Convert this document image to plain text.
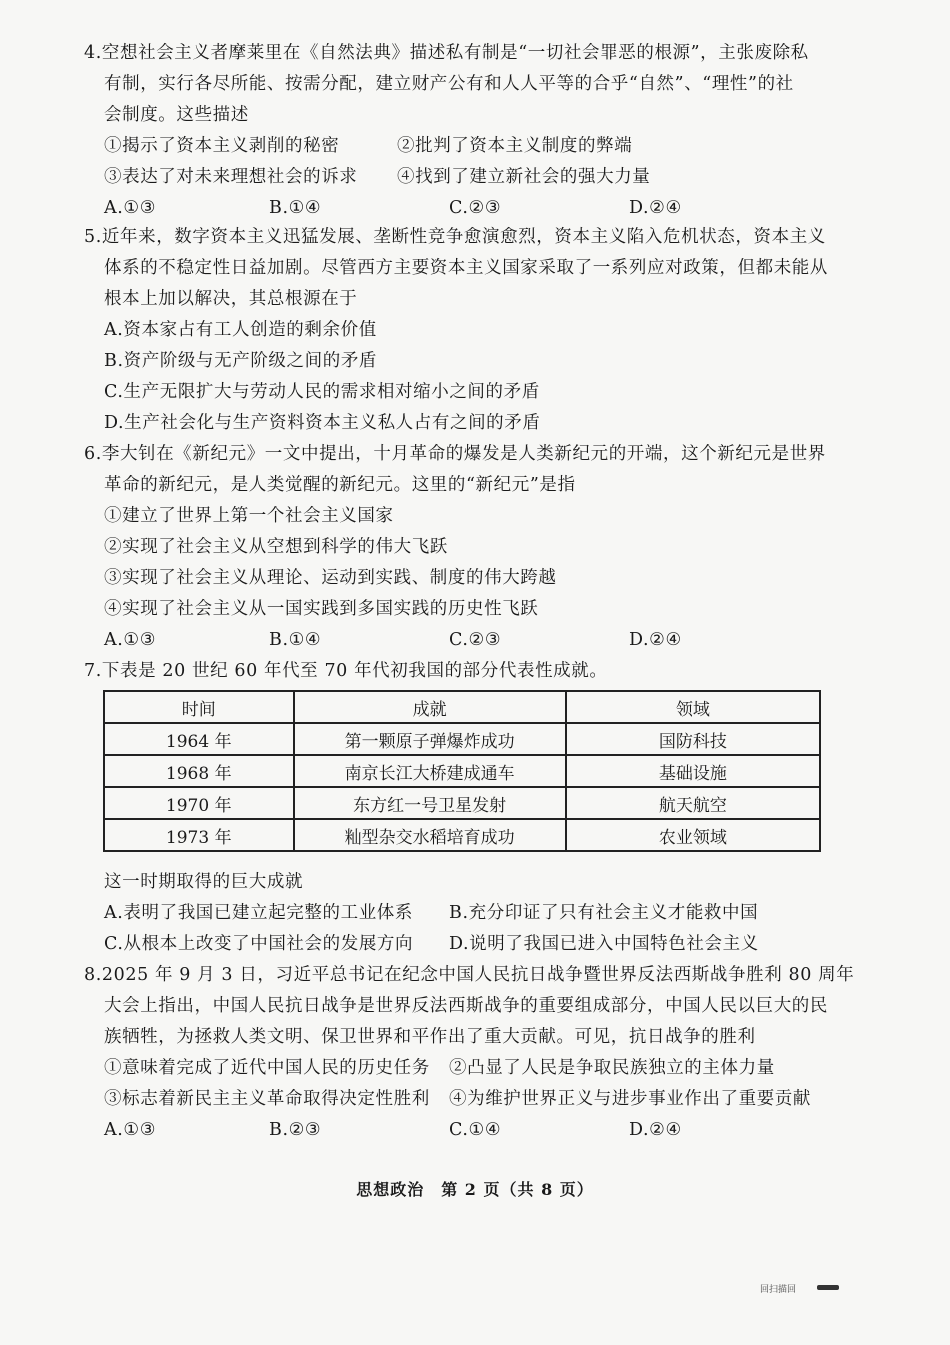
4.空想社会主义者摩莱里在《自然法典》描述私有制是“一切社会罪恶的根源”，主张废除私
有制，实行各尽所能、按需分配，建立财产公有和人人平等的合乎“自然”、“理性”的社
会制度。这些描述
①揭示了资本主义剥削的秘密	②批判了资本主义制度的弊端
③表达了对未来理想社会的诉求	④找到了建立新社会的强大力量
A.①③	B.①④	C.②③	D.②④
5.近年来，数字资本主义迅猛发展、垄断性竞争愈演愈烈，资本主义陷入危机状态，资本主义
体系的不稳定性日益加剧。尽管西方主要资本主义国家采取了一系列应对政策，但都未能从
根本上加以解决，其总根源在于
A.资本家占有工人创造的剩余价值
B.资产阶级与无产阶级之间的矛盾
C.生产无限扩大与劳动人民的需求相对缩小之间的矛盾
D.生产社会化与生产资料资本主义私人占有之间的矛盾
6.李大钊在《新纪元》一文中提出，十月革命的爆发是人类新纪元的开端，这个新纪元是世界
革命的新纪元，是人类觉醒的新纪元。这里的“新纪元”是指
①建立了世界上第一个社会主义国家
②实现了社会主义从空想到科学的伟大飞跃
③实现了社会主义从理论、运动到实践、制度的伟大跨越
④实现了社会主义从一国实践到多国实践的历史性飞跃
A.①③	B.①④	C.②③	D.②④
7.下表是 20 世纪 60 年代至 70 年代初我国的部分代表性成就。
时间	成就	领域
1964 年	第一颗原子弹爆炸成功	国防科技
1968 年	南京长江大桥建成通车	基础设施
1970 年	东方红一号卫星发射	航天航空
1973 年	籼型杂交水稻培育成功	农业领域
这一时期取得的巨大成就
A.表明了我国已建立起完整的工业体系	B.充分印证了只有社会主义才能救中国
C.从根本上改变了中国社会的发展方向	D.说明了我国已进入中国特色社会主义
8.2025 年 9 月 3 日，习近平总书记在纪念中国人民抗日战争暨世界反法西斯战争胜利 80 周年
大会上指出，中国人民抗日战争是世界反法西斯战争的重要组成部分，中国人民以巨大的民
族牺牲，为拯救人类文明、保卫世界和平作出了重大贡献。可见，抗日战争的胜利
①意味着完成了近代中国人民的历史任务	②凸显了人民是争取民族独立的主体力量
③标志着新民主主义革命取得决定性胜利	④为维护世界正义与进步事业作出了重要贡献
A.①③	B.②③	C.①④	D.②④
思想政治　第 2 页（共 8 页）
回扫描回
